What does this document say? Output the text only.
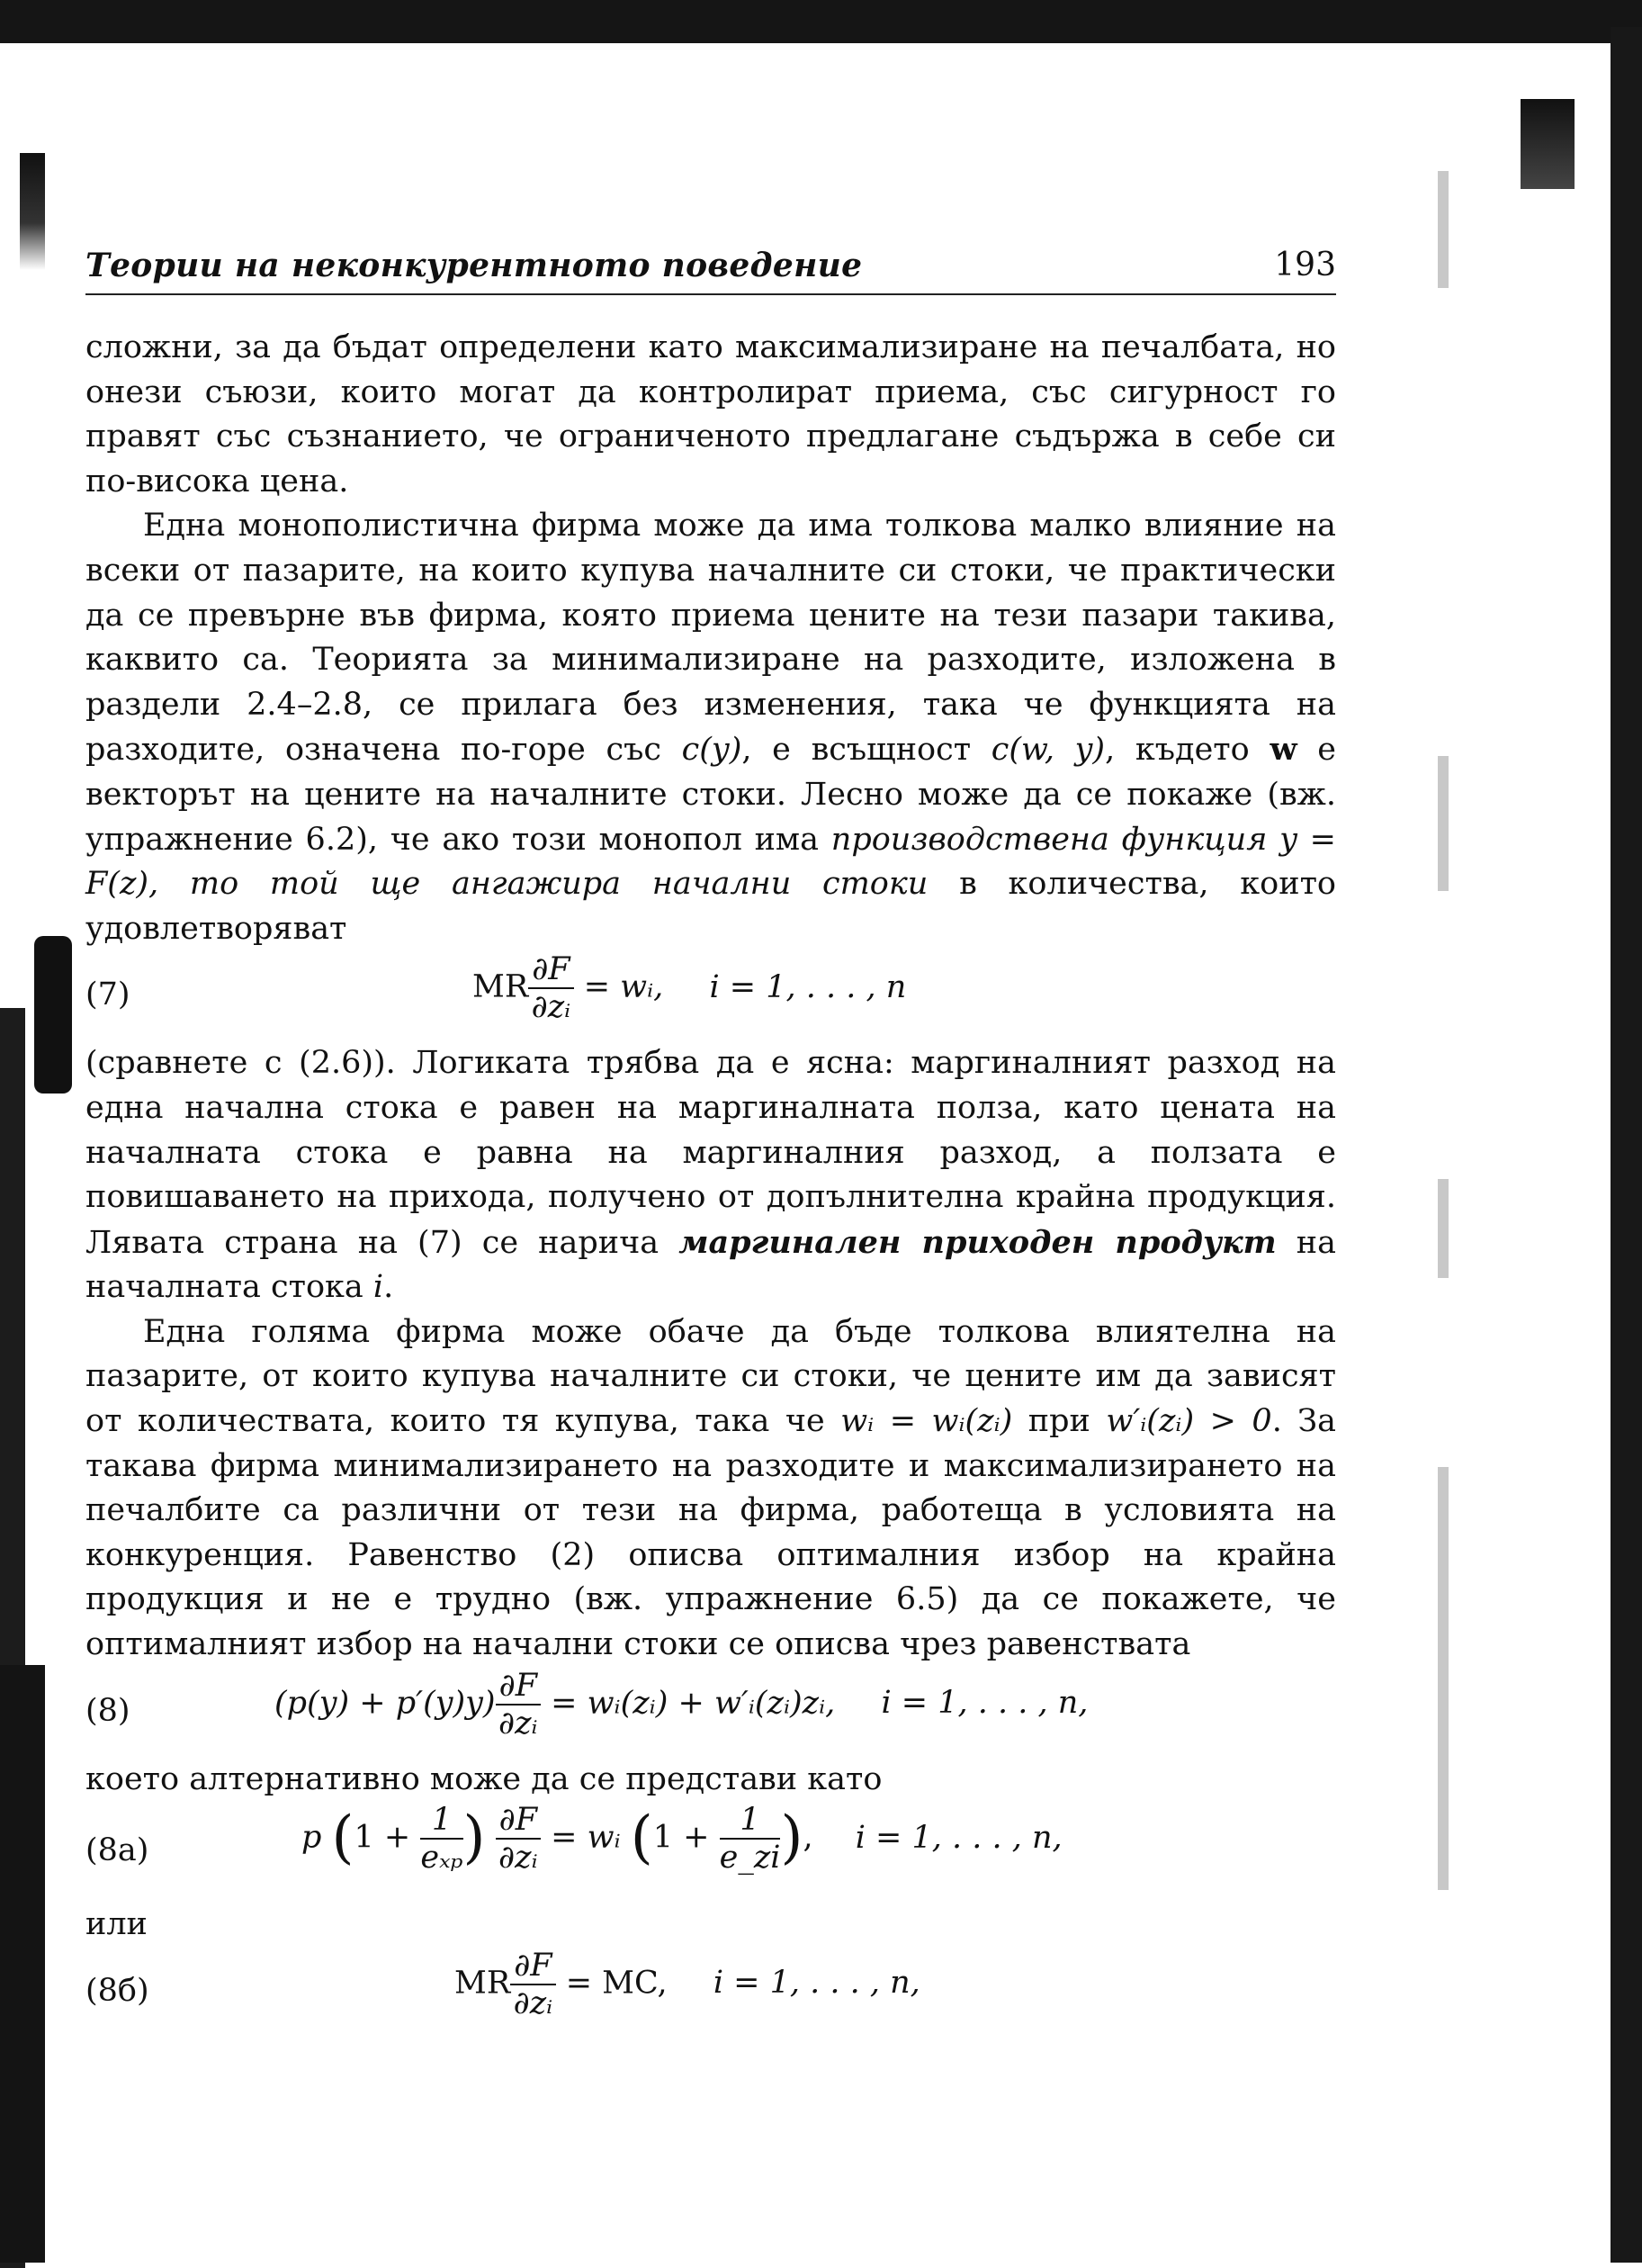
Теории на неконкурентното поведение	193

сложни, за да бъдат определени като максимализиране на печалбата, но онези съюзи, които могат да контролират приема, със сигурност го правят със съзнанието, че ограниченото предлагане съдържа в себе си по-висока цена.

Една монополистична фирма може да има толкова малко влияние на всеки от пазарите, на които купува началните си стоки, че практически да се превърне във фирма, която приема цените на тези пазари такива, каквито са. Теорията за минимализиране на разходите, изложена в раздели 2.4–2.8, се прилага без изменения, така че функцията на разходите, означена по-горе със c(y), е всъщност c(w, y), където w е векторът на цените на началните стоки. Лесно може да се покаже (вж. упражнение 6.2), че ако този монопол има производствена функция y = F(z), то той ще ангажира начални стоки в количества, които удовлетворяват

(7)	MR $\frac{\partial F}{\text{∂zᵢ}}$ = wᵢ, i = 1, . . . , n

(сравнете с (2.6)). Логиката трябва да е ясна: маргиналният разход на една начална стока е равен на маргиналната полза, като цената на началната стока е равна на маргиналния разход, а ползата е повишаването на прихода, получено от допълнителна крайна продукция. Лявата страна на (7) се нарича маргинален приходен продукт на началната стока i.

Една голяма фирма може обаче да бъде толкова влиятелна на пазарите, от които купува началните си стоки, че цените им да зависят от количествата, които тя купува, така че wᵢ = wᵢ(zᵢ) при w′ᵢ(zᵢ) > 0. За такава фирма минимализирането на разходите и максимализирането на печалбите са различни от тези на фирма, работеща в условията на конкуренция. Равенство (2) описва оптималния избор на крайна продукция и не е трудно (вж. упражнение 6.5) да се покажете, че оптималният избор на начални стоки се описва чрез равенствата

(8)	$(p(y) + p'(y)y) \frac{\partial F}{\text{∂zᵢ}}$ = wᵢ(zᵢ) + w′ᵢ(zᵢ)zᵢ, i = 1, . . . , n,

което алтернативно може да се представи като

(8a)	p ($1 + \frac{1}{\text{eₓₚ}}$ ) $\frac{\partial F}{\text{∂zᵢ}}$ = wᵢ ($1 + \frac{1}{e\_zi}$ ), i = 1, . . . , n,

или

(8б)	MR $\frac{\partial F}{\text{∂zᵢ}}$ = MC, i = 1, . . . , n,
